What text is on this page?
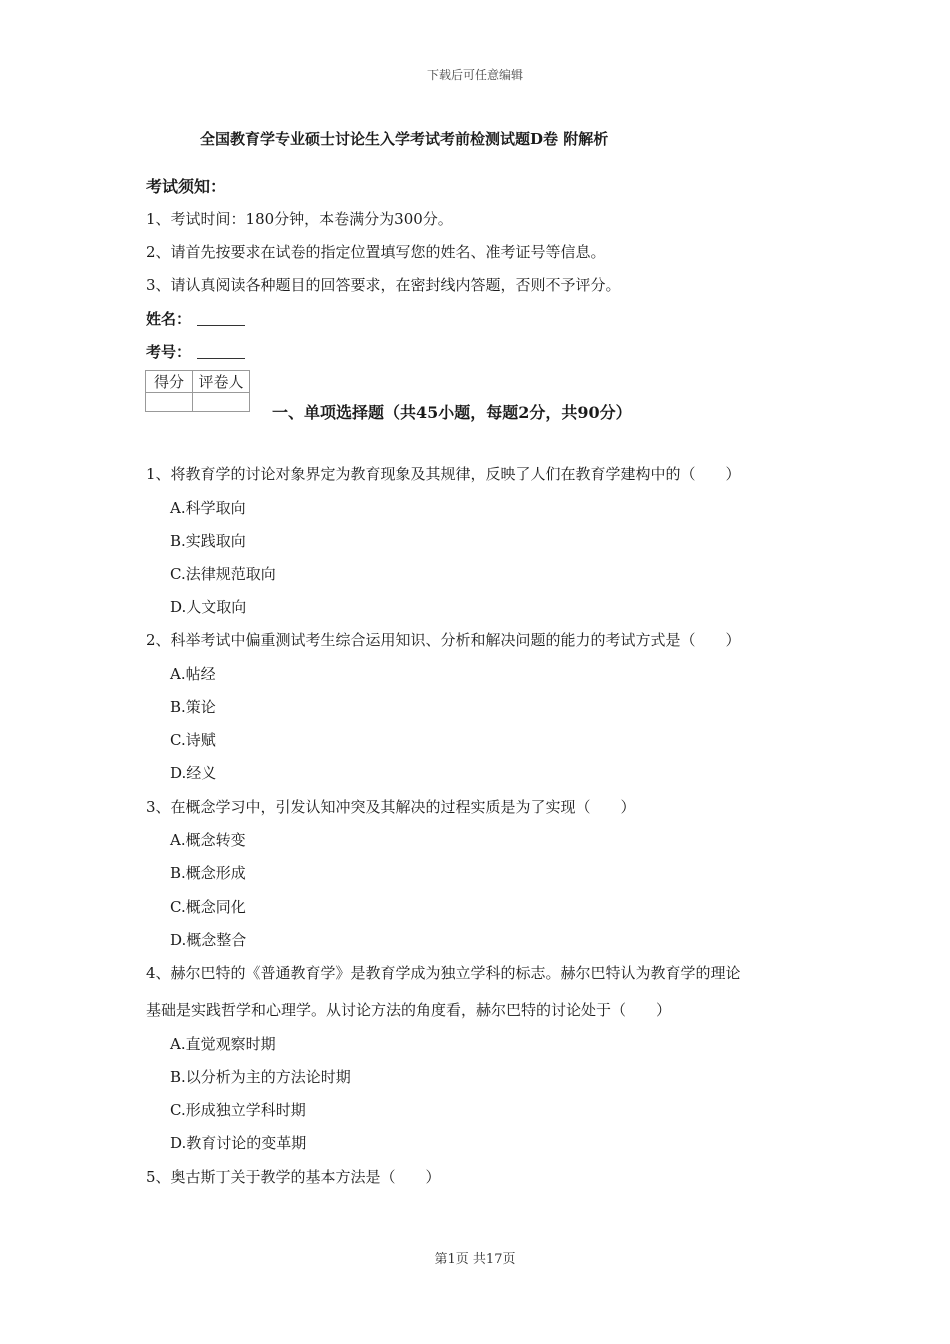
下载后可任意编辑
全国教育学专业硕士讨论生入学考试考前检测试题D卷 附解析
考试须知：
1、考试时间：180分钟，本卷满分为300分。
2、请首先按要求在试卷的指定位置填写您的姓名、准考证号等信息。
3、请认真阅读各种题目的回答要求，在密封线内答题，否则不予评分。
姓名：
考号：
得分	评卷人

一、单项选择题（共45小题，每题2分，共90分）
1、将教育学的讨论对象界定为教育现象及其规律，反映了人们在教育学建构中的（　　）
A.科学取向
B.实践取向
C.法律规范取向
D.人文取向
2、科举考试中偏重测试考生综合运用知识、分析和解决问题的能力的考试方式是（　　）
A.帖经
B.策论
C.诗赋
D.经义
3、在概念学习中，引发认知冲突及其解决的过程实质是为了实现（　　）
A.概念转变
B.概念形成
C.概念同化
D.概念整合
4、赫尔巴特的《普通教育学》是教育学成为独立学科的标志。赫尔巴特认为教育学的理论
基础是实践哲学和心理学。从讨论方法的角度看，赫尔巴特的讨论处于（　　）
A.直觉观察时期
B.以分析为主的方法论时期
C.形成独立学科时期
D.教育讨论的变革期
5、奥古斯丁关于教学的基本方法是（　　）
第1页 共17页
